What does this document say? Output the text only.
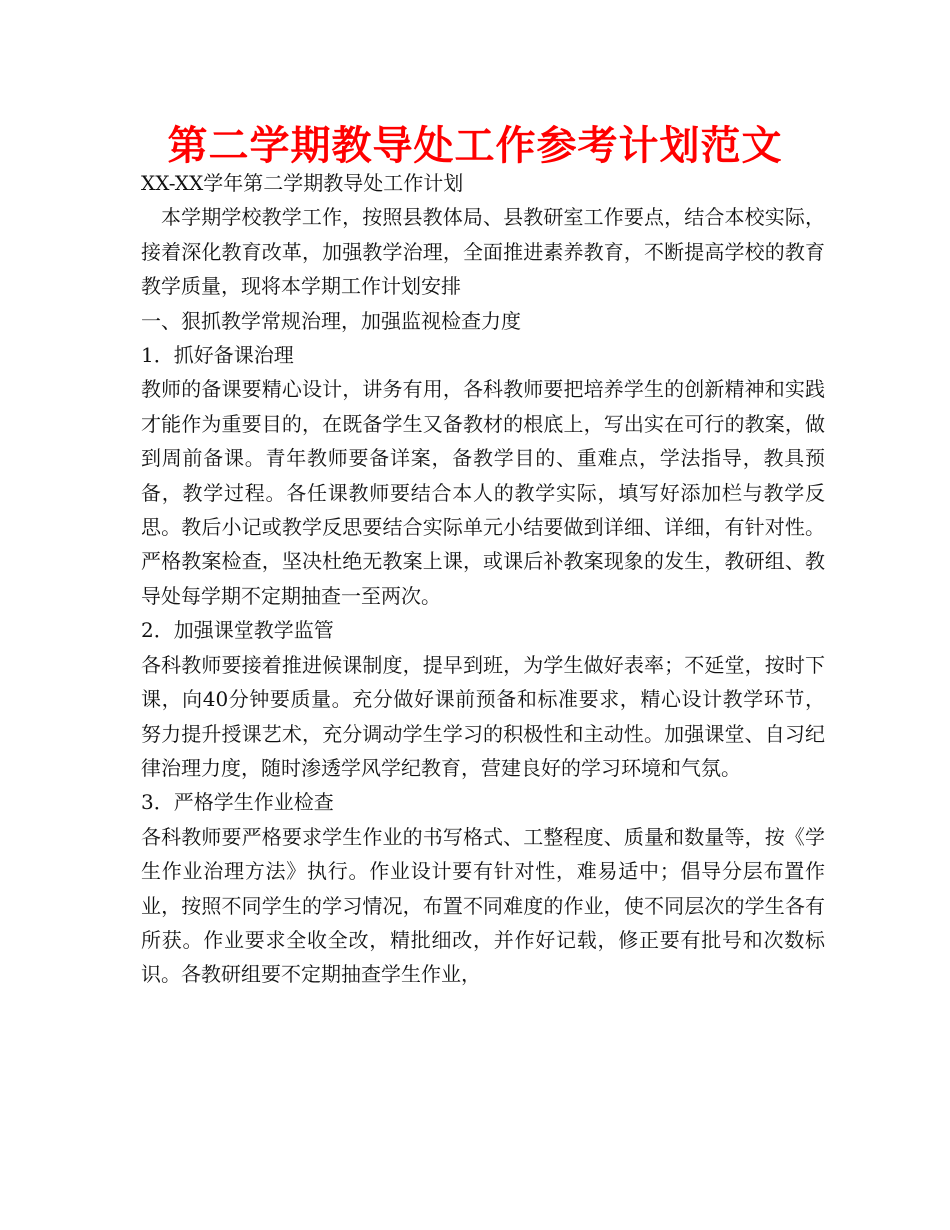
第二学期教导处工作参考计划范文

XX-XX学年第二学期教导处工作计划

本学期学校教学工作，按照县教体局、县教研室工作要点，结合本校实际，接着深化教育改革，加强教学治理，全面推进素养教育，不断提高学校的教育教学质量，现将本学期工作计划安排

一、狠抓教学常规治理，加强监视检查力度

1．抓好备课治理

教师的备课要精心设计，讲务有用，各科教师要把培养学生的创新精神和实践才能作为重要目的，在既备学生又备教材的根底上，写出实在可行的教案，做到周前备课。青年教师要备详案，备教学目的、重难点，学法指导，教具预备，教学过程。各任课教师要结合本人的教学实际，填写好添加栏与教学反思。教后小记或教学反思要结合实际单元小结要做到详细、详细，有针对性。严格教案检查，坚决杜绝无教案上课，或课后补教案现象的发生，教研组、教导处每学期不定期抽查一至两次。

2．加强课堂教学监管

各科教师要接着推进候课制度，提早到班，为学生做好表率；不延堂，按时下课，向40分钟要质量。充分做好课前预备和标准要求，精心设计教学环节，努力提升授课艺术，充分调动学生学习的积极性和主动性。加强课堂、自习纪律治理力度，随时渗透学风学纪教育，营建良好的学习环境和气氛。

3．严格学生作业检查

各科教师要严格要求学生作业的书写格式、工整程度、质量和数量等，按《学生作业治理方法》执行。作业设计要有针对性，难易适中；倡导分层布置作业，按照不同学生的学习情况，布置不同难度的作业，使不同层次的学生各有所获。作业要求全收全改，精批细改，并作好记载，修正要有批号和次数标识。各教研组要不定期抽查学生作业，
